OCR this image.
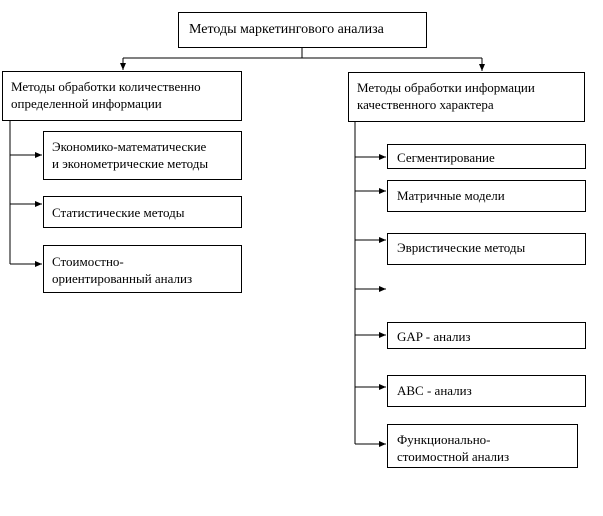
Методы маркетингового анализа
Методы обработки количественно
определенной информации
Методы обработки информации
качественного характера
Экономико-математические
и эконометрические методы
Статистические методы
Стоимостно-
ориентированный анализ
Сегментирование
Матричные модели
Эвристические методы
GAP - анализ
ABC - анализ
Функционально-
стоимостной анализ
